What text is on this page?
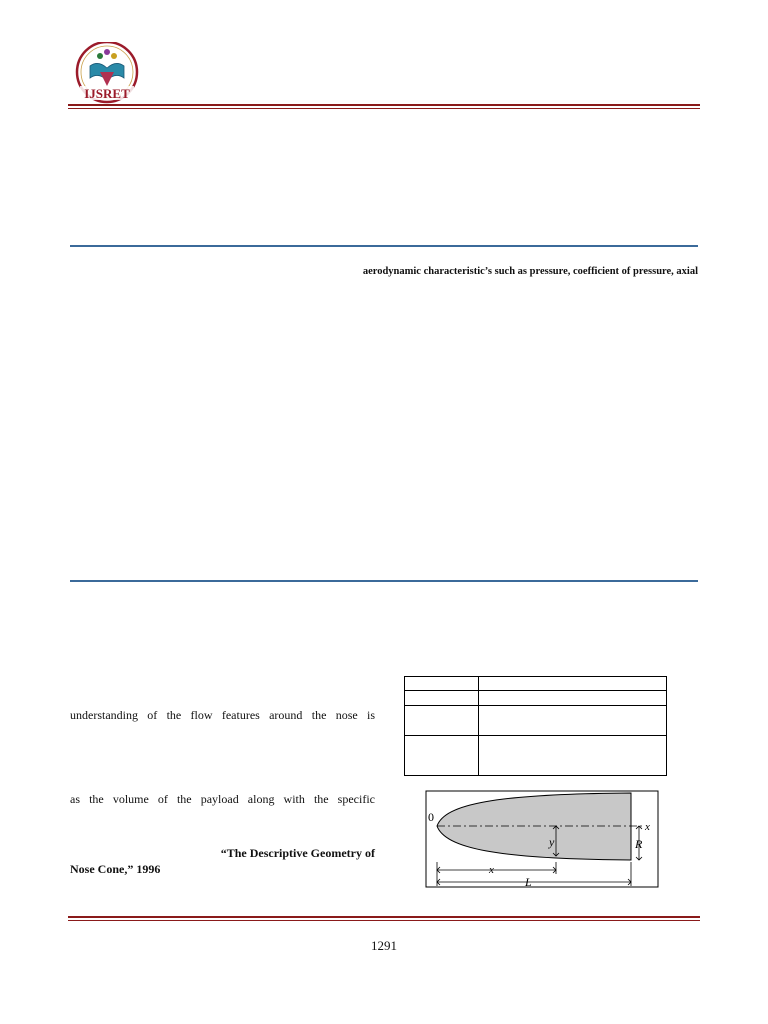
IJSRET
aerodynamic characteristic’s such as pressure, coefficient of pressure, axial
understanding of the flow features around the nose is
as the volume of the payload along with the specific
“The Descriptive Geometry of
Nose Cone,” 1996
0
x
y	R
x
L
1291
